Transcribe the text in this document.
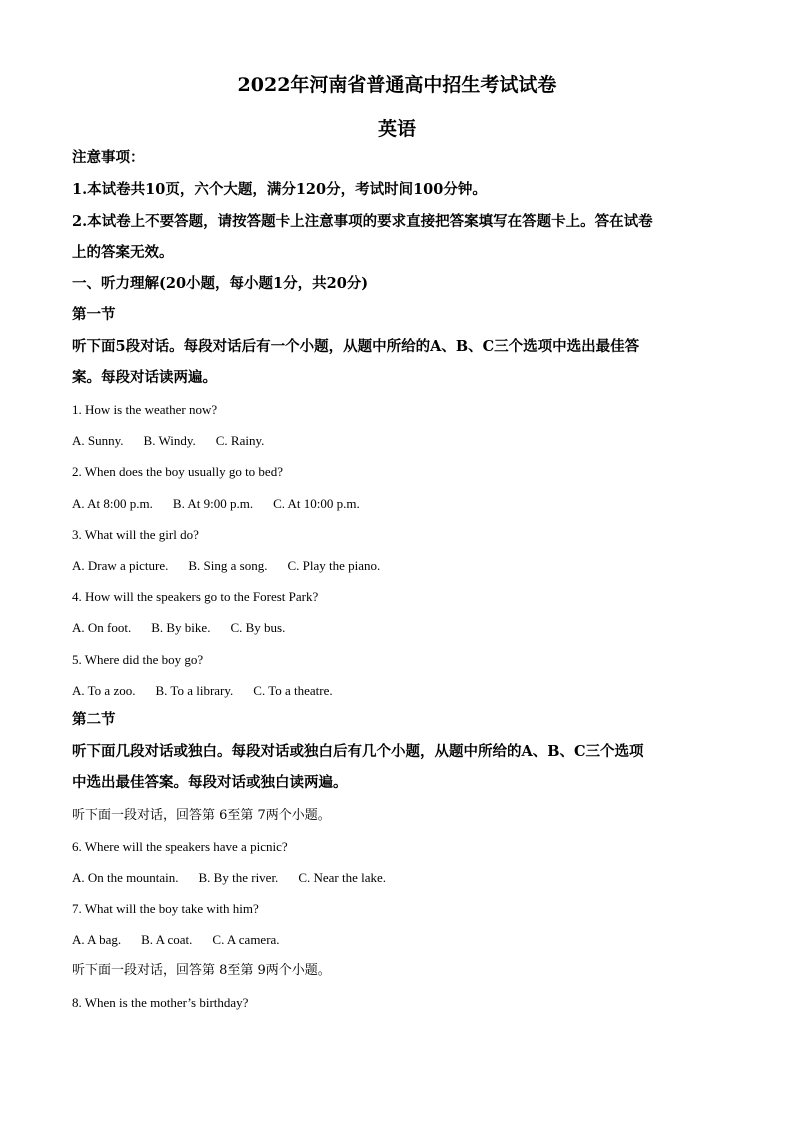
2022年河南省普通高中招生考试试卷
英语
注意事项：
1.本试卷共10页，六个大题，满分120分，考试时间100分钟。
2.本试卷上不要答题，请按答题卡上注意事项的要求直接把答案填写在答题卡上。答在试卷
上的答案无效。
一、听力理解(20小题，每小题1分，共20分)
第一节
听下面5段对话。每段对话后有一个小题，从题中所给的A、B、C三个选项中选出最佳答
案。每段对话读两遍。
1. How is the weather now?
A. Sunny. B. Windy. C. Rainy.
2. When does the boy usually go to bed?
A. At 8:00 p.m. B. At 9:00 p.m. C. At 10:00 p.m.
3. What will the girl do?
A. Draw a picture. B. Sing a song. C. Play the piano.
4. How will the speakers go to the Forest Park?
A. On foot. B. By bike. C. By bus.
5. Where did the boy go?
A. To a zoo. B. To a library. C. To a theatre.
第二节
听下面几段对话或独白。每段对话或独白后有几个小题，从题中所给的A、B、C三个选项
中选出最佳答案。每段对话或独白读两遍。
听下面一段对话，回答第 6至第 7两个小题。
6. Where will the speakers have a picnic?
A. On the mountain. B. By the river. C. Near the lake.
7. What will the boy take with him?
A. A bag. B. A coat. C. A camera.
听下面一段对话，回答第 8至第 9两个小题。
8. When is the mother’s birthday?
